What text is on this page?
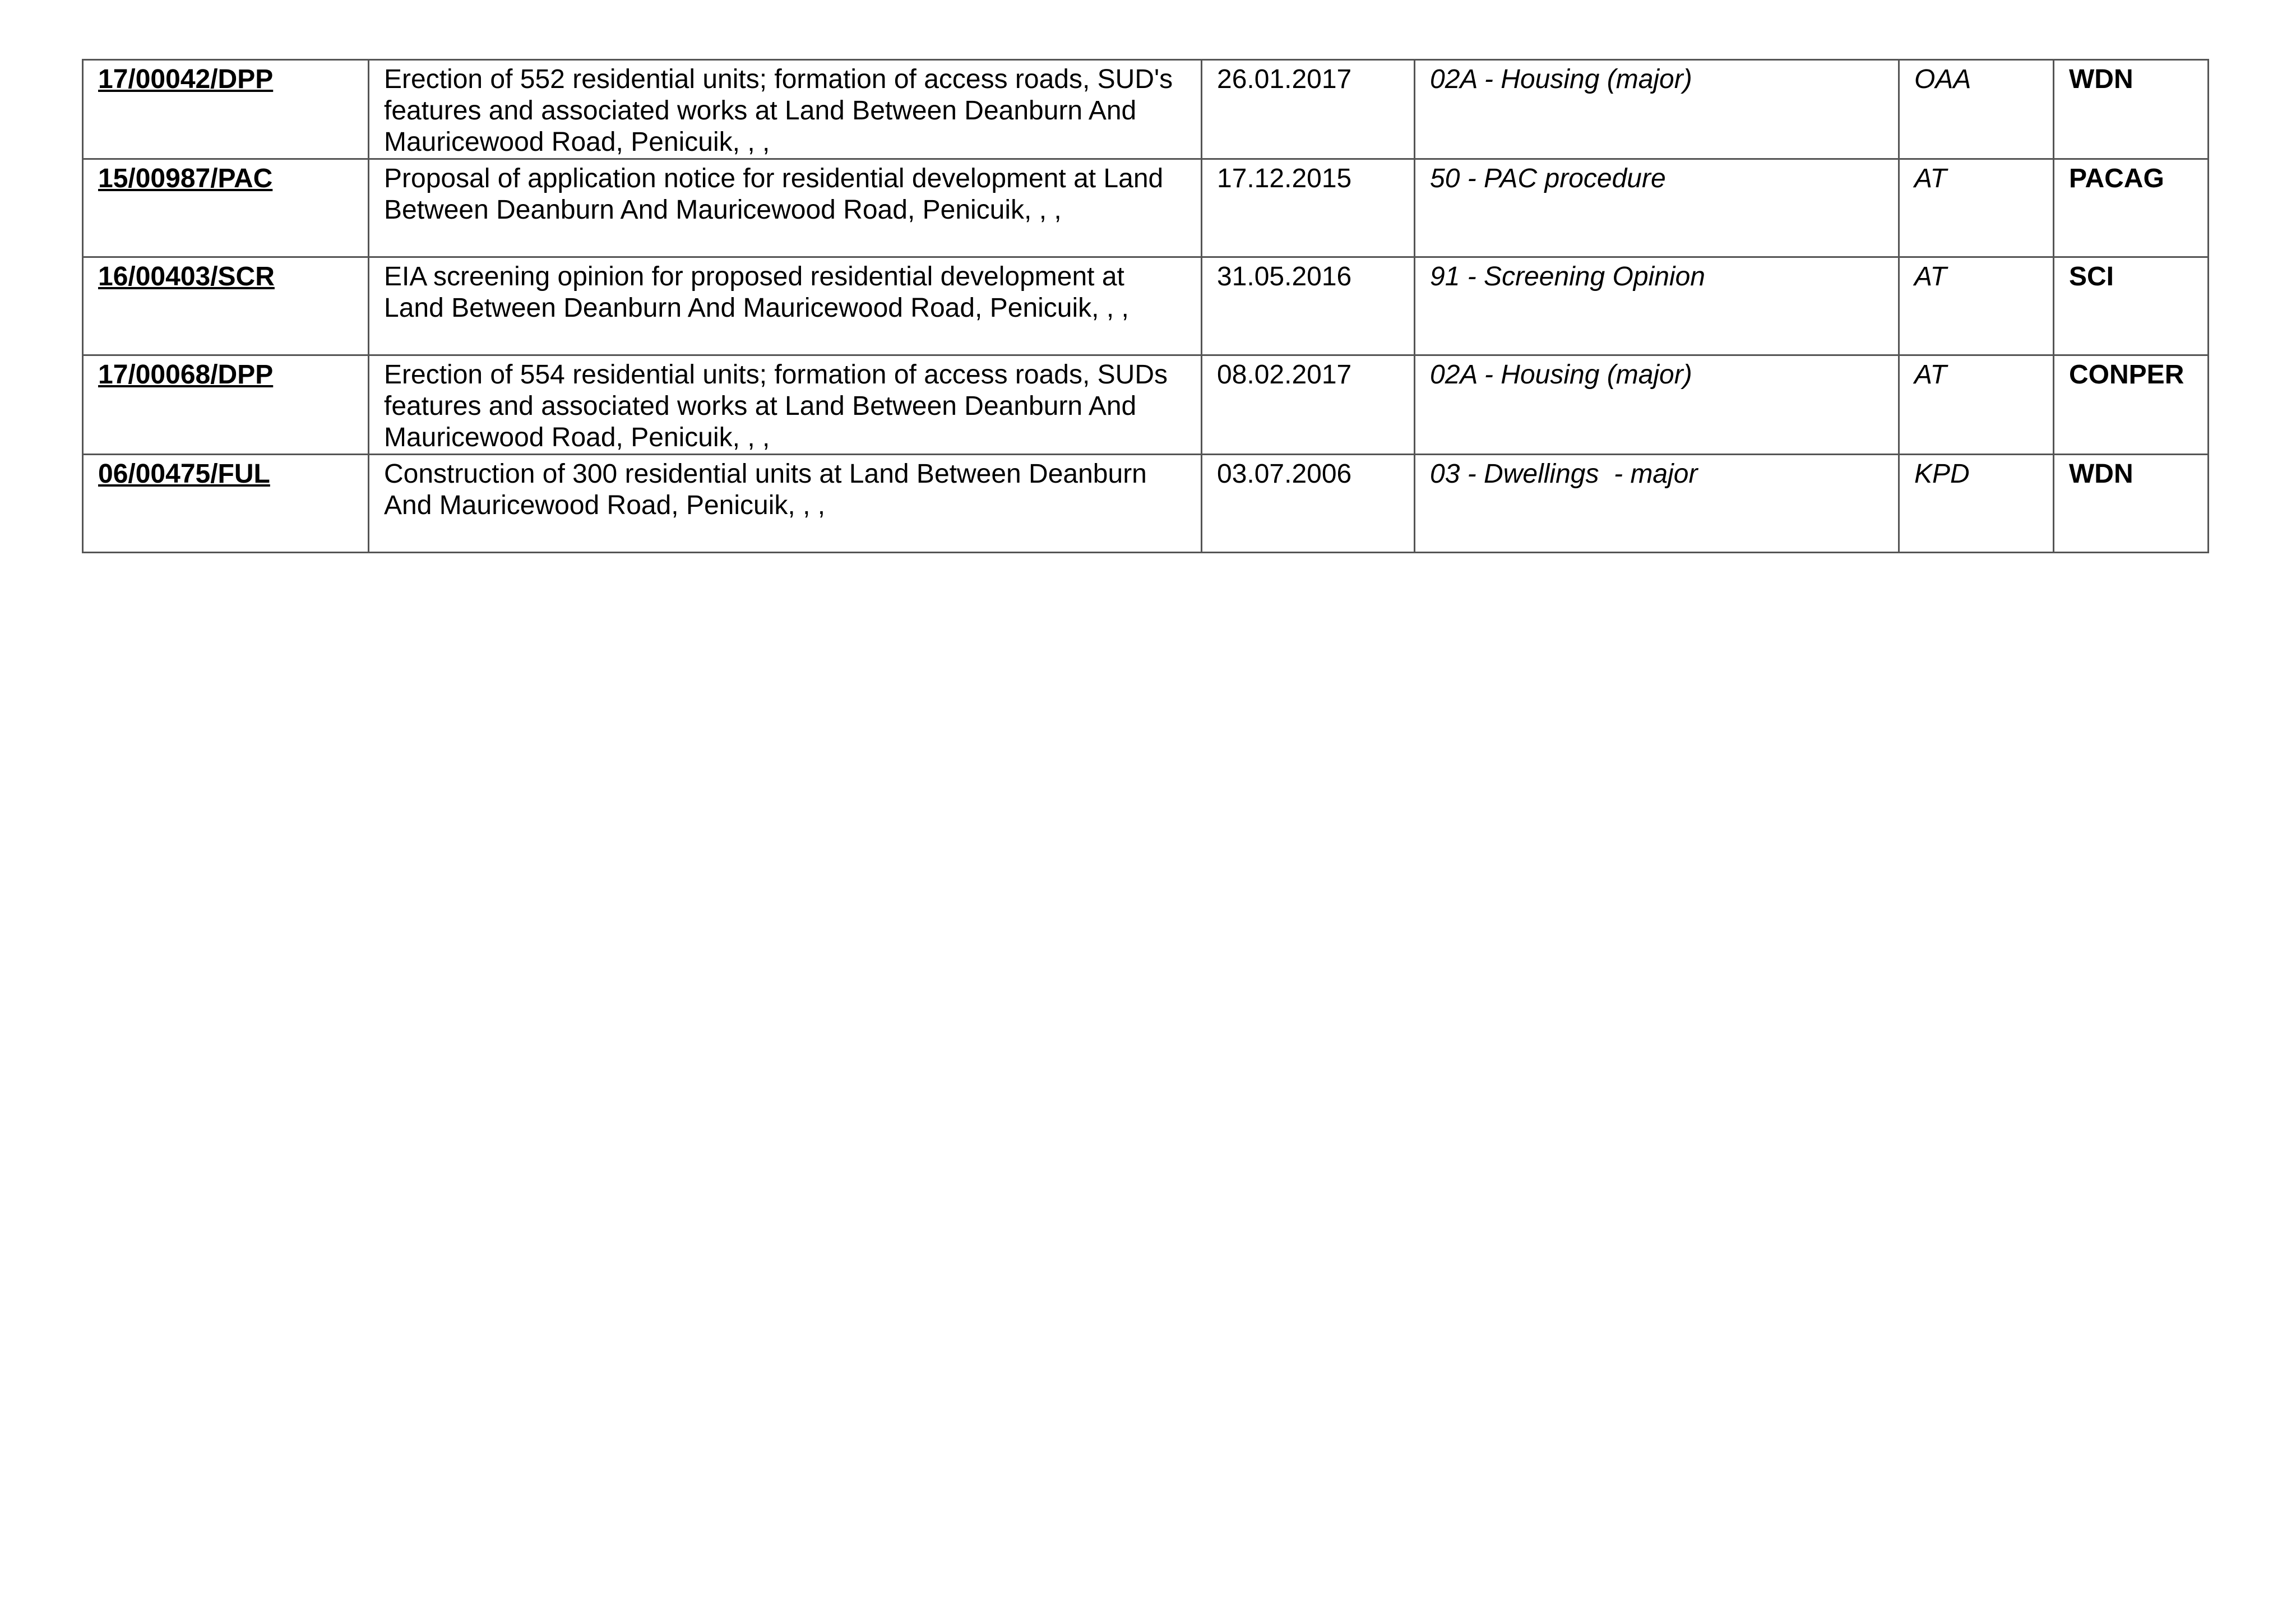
17/00042/DPP	Erection of 552 residential units; formation of access roads, SUD's features and associated works at Land Between Deanburn And Mauricewood Road, Penicuik, , ,	26.01.2017	02A - Housing (major)	OAA	WDN
15/00987/PAC	Proposal of application notice for residential development at Land Between Deanburn And Mauricewood Road, Penicuik, , ,	17.12.2015	50 - PAC procedure	AT	PACAG
16/00403/SCR	EIA screening opinion for proposed residential development at Land Between Deanburn And Mauricewood Road, Penicuik, , ,	31.05.2016	91 - Screening Opinion	AT	SCI
17/00068/DPP	Erection of 554 residential units; formation of access roads, SUDs features and associated works at Land Between Deanburn And Mauricewood Road, Penicuik, , ,	08.02.2017	02A - Housing (major)	AT	CONPER
06/00475/FUL	Construction of 300 residential units at Land Between Deanburn And Mauricewood Road, Penicuik, , ,	03.07.2006	03 - Dwellings  - major	KPD	WDN
